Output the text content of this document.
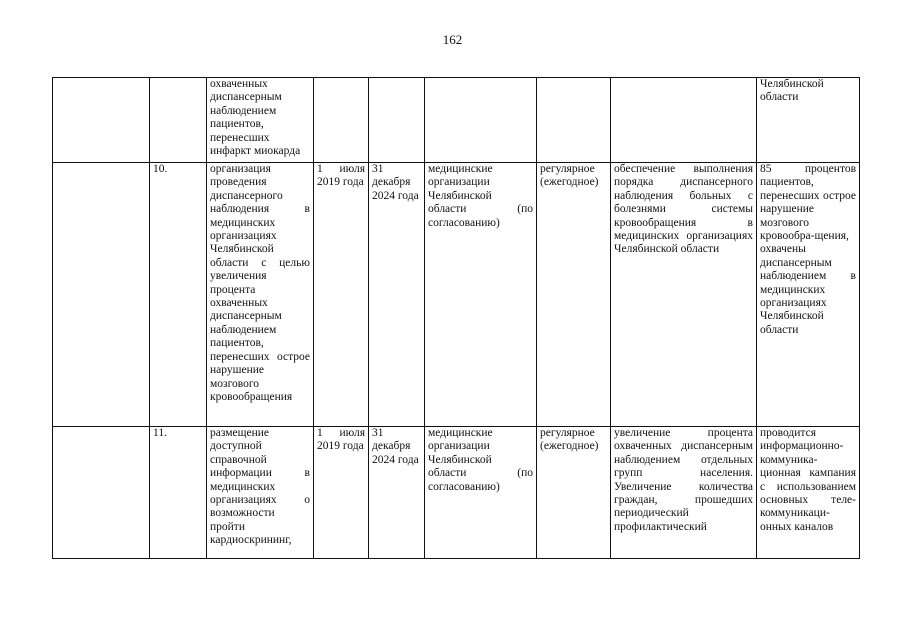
162
		охваченных диспансерным наблюдением пациентов, перенесших инфаркт миокарда						Челябинской области
	10.	организация проведения диспансерного наблюдения в медицинских организациях Челябинской области с целью увеличения процента охваченных диспансерным наблюдением пациентов, перенесших острое нарушение мозгового кровообращения	1 июля 2019 года	31 декабря 2024 года	медицинские организации Челябинской области (по согласованию)	регулярное (ежегодное)	обеспечение выполнения порядка диспансерного наблюдения больных с болезнями системы кровообращения в медицинских организациях Челябинской области	85 процентов пациентов, перенесших острое нарушение мозгового кровообра-щения, охвачены диспансерным наблюдением в медицинских организациях Челябинской области
	11.	размещение доступной справочной информации в медицинских организациях о возможности пройти кардиоскрининг,	1 июля 2019 года	31 декабря 2024 года	медицинские организации Челябинской области (по согласованию)	регулярное (ежегодное)	увеличение процента охваченных диспансерным наблюдением отдельных групп населения. Увеличение количества граждан, прошедших периодический профилактический	проводится информационно-коммуника-ционная кампания с использованием основных теле-коммуникаци-онных каналов
